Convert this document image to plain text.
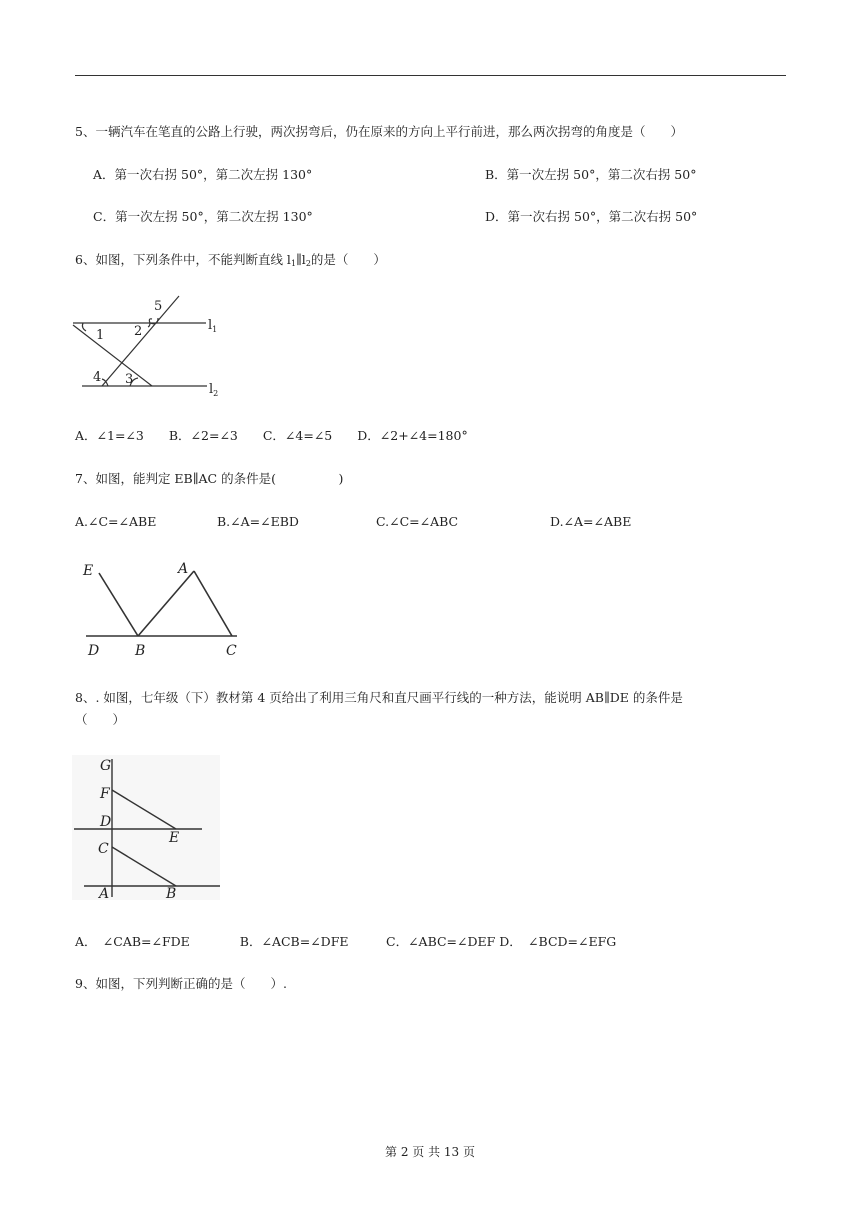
5、一辆汽车在笔直的公路上行驶，两次拐弯后，仍在原来的方向上平行前进，那么两次拐弯的角度是（　　）
A．第一次右拐 50°，第二次左拐 130°	B．第一次左拐 50°，第二次右拐 50°
C．第一次左拐 50°，第二次左拐 130°	D．第一次右拐 50°，第二次右拐 50°
6、如图，下列条件中，不能判断直线 $l_1\parallel l_2$的是（　　）
5
2
1
4 3
$l_1$
$l_2$
A．∠1=∠3　　B．∠2=∠3　　C．∠4=∠5　　D．∠2+∠4=180°
7、如图，能判定 EB∥AC 的条件是(　　　　　)
A.∠C=∠ABE	B.∠A=∠EBD	C.∠C=∠ABC	D.∠A=∠ABE
E	A
D	B	C
8、. 如图，七年级（下）教材第 4 页给出了利用三角尺和直尺画平行线的一种方法，能说明 AB∥DE 的条件是
（　　）
G
F
D
E
C
A	B
A．　∠CAB=∠FDE　　　　B．∠ACB=∠DFE　　　C．∠ABC=∠DEF D．　∠BCD=∠EFG
9、如图，下列判断正确的是（　　）.
第 2 页 共 13 页
